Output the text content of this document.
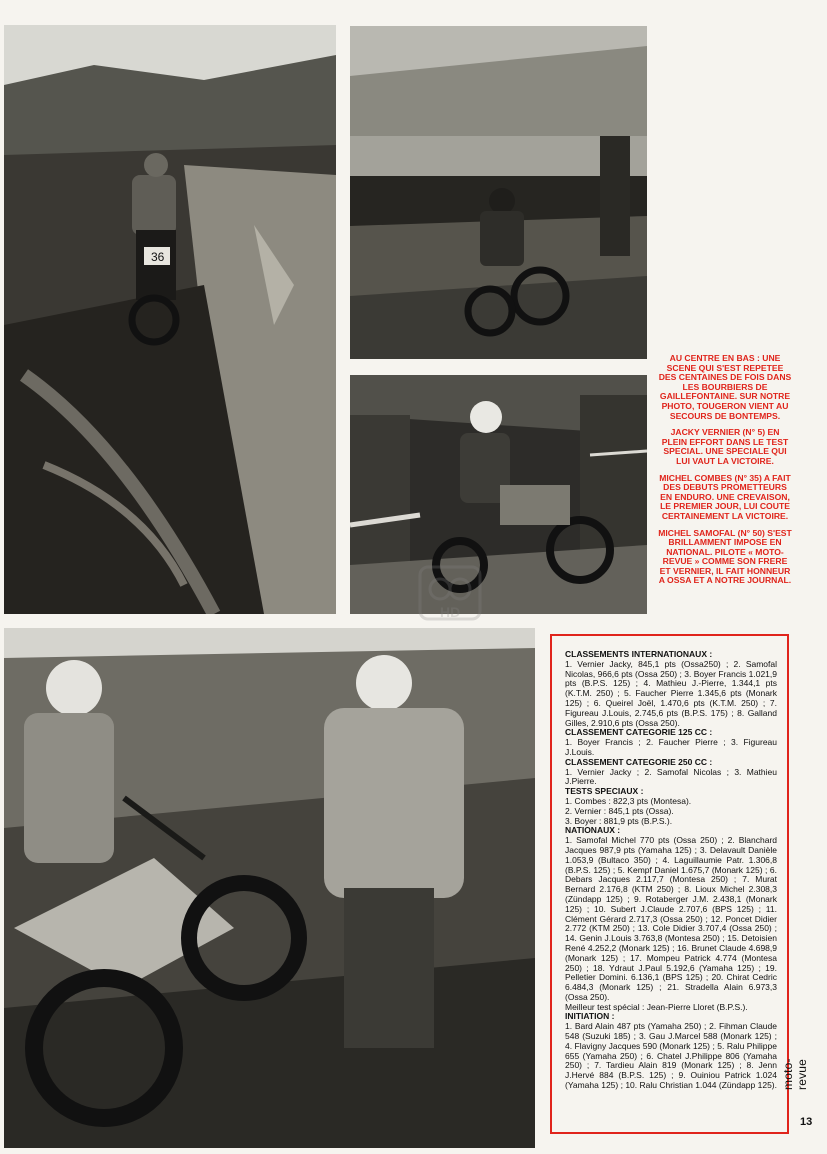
36
HD

AU CENTRE EN BAS : UNE SCENE QUI S'EST REPETEE DES CENTAINES DE FOIS DANS LES BOURBIERS DE GAILLEFONTAINE. SUR NOTRE PHOTO, TOUGERON VIENT AU SECOURS DE BONTEMPS.

JACKY VERNIER (N° 5) EN PLEIN EFFORT DANS LE TEST SPECIAL. UNE SPECIALE QUI LUI VAUT LA VICTOIRE.

MICHEL COMBES (N° 35) A FAIT DES DEBUTS PROMETTEURS EN ENDURO. UNE CREVAISON, LE PREMIER JOUR, LUI COUTE CERTAINEMENT LA VICTOIRE.

MICHEL SAMOFAL (N° 50) S'EST BRILLAMMENT IMPOSE EN NATIONAL. PILOTE « MOTO-REVUE » COMME SON FRERE ET VERNIER, IL FAIT HONNEUR A OSSA ET A NOTRE JOURNAL.

CLASSEMENTS INTERNATIONAUX :
1. Vernier Jacky, 845,1 pts (Ossa250) ; 2. Samofal Nicolas, 966,6 pts (Ossa 250) ; 3. Boyer Francis 1.021,9 pts (B.P.S. 125) ; 4. Mathieu J.-Pierre, 1.344,1 pts (K.T.M. 250) ; 5. Faucher Pierre 1.345,6 pts (Monark 125) ; 6. Queirel Joël, 1.470,6 pts (K.T.M. 250) ; 7. Figureau J.Louis, 2.745,6 pts (B.P.S. 175) ; 8. Galland Gilles, 2.910,6 pts (Ossa 250).
CLASSEMENT CATEGORIE 125 CC :
1. Boyer Francis ; 2. Faucher Pierre ; 3. Figureau J.Louis.
CLASSEMENT CATEGORIE 250 CC :
1. Vernier Jacky ; 2. Samofal Nicolas ; 3. Mathieu J.Pierre.
TESTS SPECIAUX :
1. Combes : 822,3 pts (Montesa).
2. Vernier : 845,1 pts (Ossa).
3. Boyer : 881,9 pts (B.P.S.).
NATIONAUX :
1. Samofal Michel 770 pts (Ossa 250) ; 2. Blanchard Jacques 987,9 pts (Yamaha 125) ; 3. Delavault Danièle 1.053,9 (Bultaco 350) ; 4. Laguillaumie Patr. 1.306,8 (B.P.S. 125) ; 5. Kempf Daniel 1.675,7 (Monark 125) ; 6. Debars Jacques 2.117,7 (Montesa 250) ; 7. Murat Bernard 2.176,8 (KTM 250) ; 8. Lioux Michel 2.308,3 (Zündapp 125) ; 9. Rotaberger J.M. 2.438,1 (Monark 125) ; 10. Subert J.Claude 2.707,6 (BPS 125) ; 11. Clément Gérard 2.717,3 (Ossa 250) ; 12. Poncet Didier 2.772 (KTM 250) ; 13. Cole Didier 3.707,4 (Ossa 250) ; 14. Genin J.Louis 3.763,8 (Montesa 250) ; 15. Detoisien René 4.252,2 (Monark 125) ; 16. Brunet Claude 4.698,9 (Monark 125) ; 17. Mompeu Patrick 4.774 (Montesa 250) ; 18. Ydraut J.Paul 5.192,6 (Yamaha 125) ; 19. Pelletier Domini. 6.136,1 (BPS 125) ; 20. Chirat Cedric 6.484,3 (Monark 125) ; 21. Stradella Alain 6.973,3 (Ossa 250).
Meilleur test spécial : Jean-Pierre Lloret (B.P.S.).
INITIATION :
1. Bard Alain 487 pts (Yamaha 250) ; 2. Fihman Claude 548 (Suzuki 185) ; 3. Gau J.Marcel 588 (Monark 125) ; 4. Flavigny Jacques 590 (Monark 125) ; 5. Ralu Philippe 655 (Yamaha 250) ; 6. Chatel J.Philippe 806 (Yamaha 250) ; 7. Tardieu Alain 819 (Monark 125) ; 8. Jenn J.Hervé 884 (B.P.S. 125) ; 9. Ouiniou Patrick 1.024 (Yamaha 125) ; 10. Ralu Christian 1.044 (Zündapp 125). moto-revue
13
